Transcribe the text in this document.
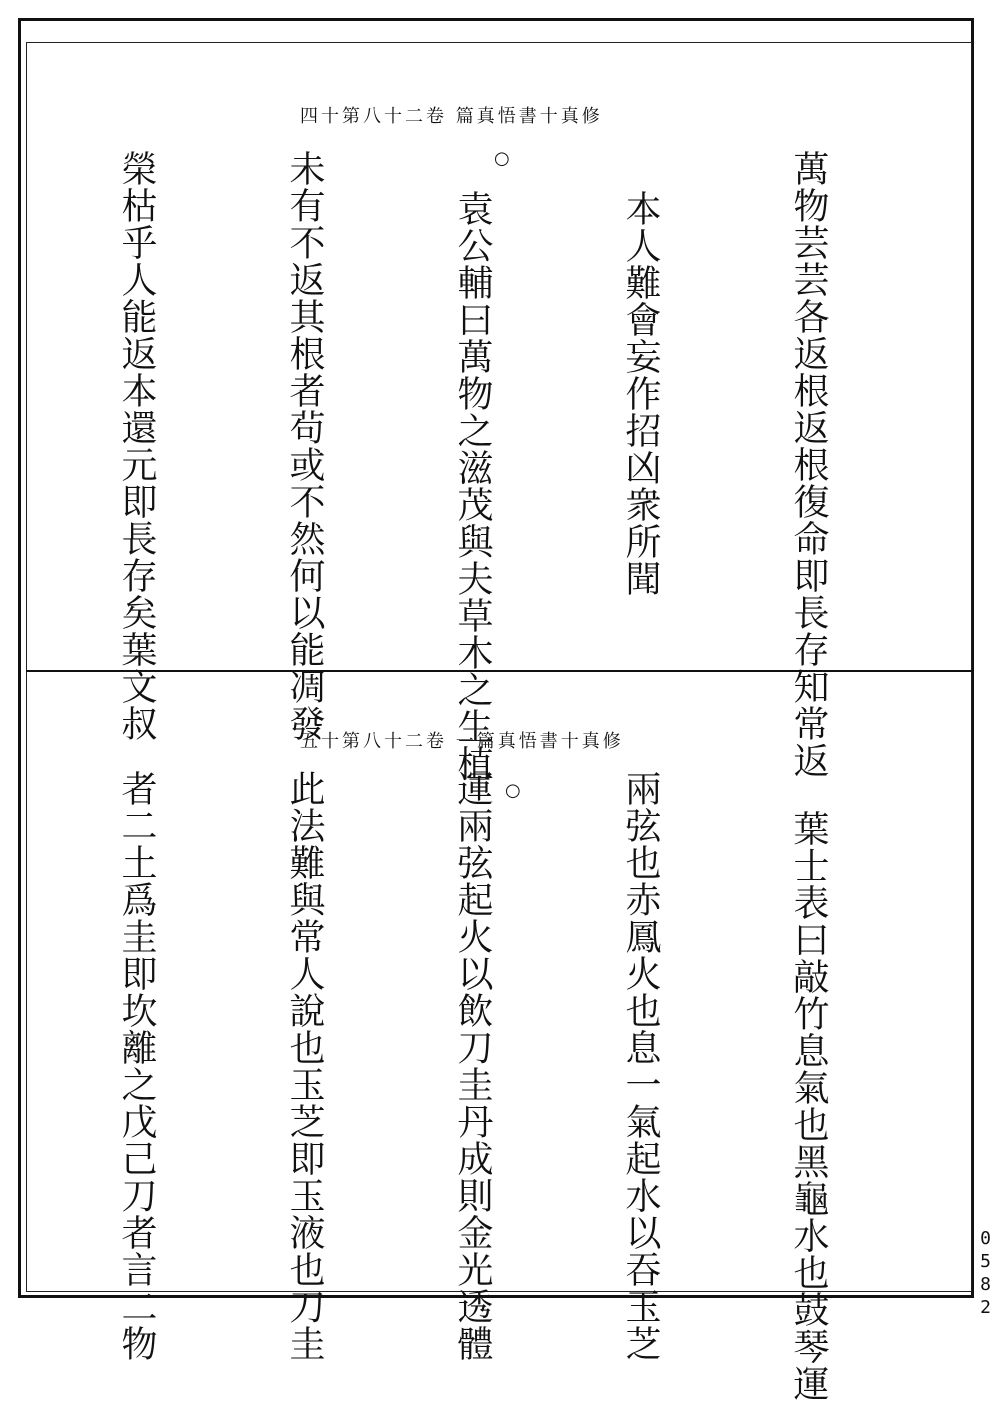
四十第八十二卷 篇真悟書十真修
五十第八十二卷 一篇真悟書十真修
○
○

萬物芸芸各返根返根復命即長存知常返

本人難會妄作招凶衆所聞

袁公輔曰萬物之滋茂與夫草木之生植

未有不返其根者茍或不然何以能凋發

榮枯乎人能返本還元即長存矣葉文叔

葉士表曰敲竹息氣也黑龜水也鼓琴運

兩弦也赤鳳火也息一氣起水以吞玉芝

運兩弦起火以飲刀圭丹成則金光透體

此法難與常人說也玉芝即玉液也刀圭

者二土爲圭即坎離之戊己刀者言二物

	0582
